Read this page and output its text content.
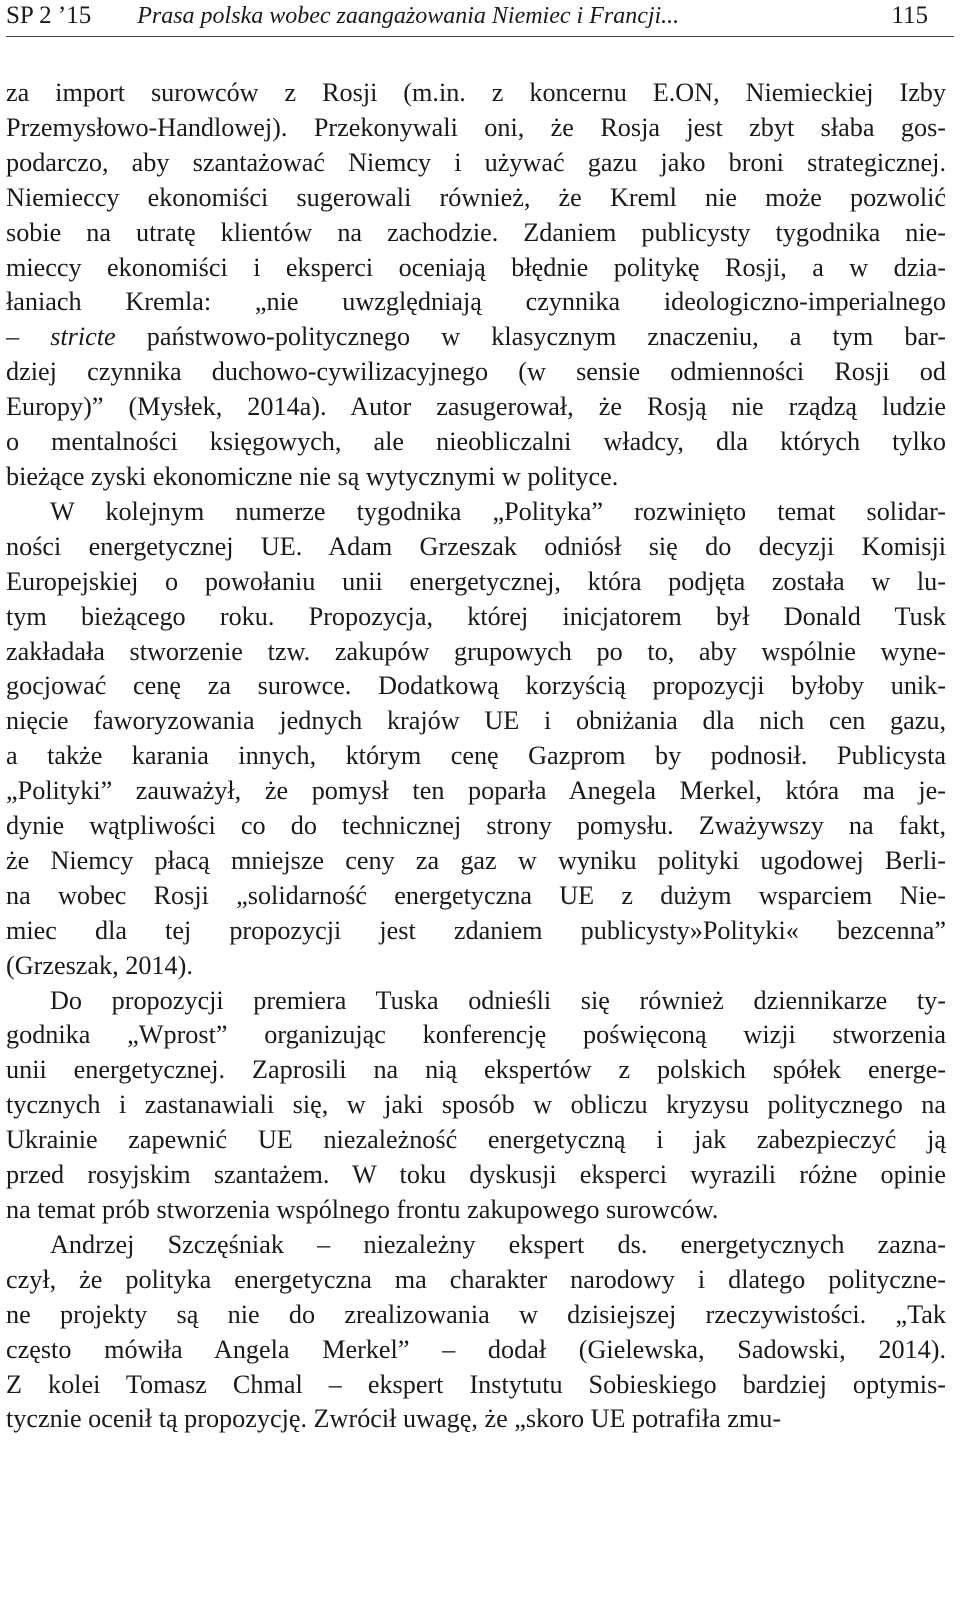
SP 2 ’15	Prasa polska wobec zaangażowania Niemiec i Francji...	115

za import surowców z Rosji (m.in. z koncernu E.ON, Niemieckiej Izby
Przemysłowo-Handlowej). Przekonywali oni, że Rosja jest zbyt słaba gos-
podarczo, aby szantażować Niemcy i używać gazu jako broni strategicznej.
Niemieccy ekonomiści sugerowali również, że Kreml nie może pozwolić
sobie na utratę klientów na zachodzie. Zdaniem publicysty tygodnika nie-
mieccy ekonomiści i eksperci oceniają błędnie politykę Rosji, a w dzia-
łaniach Kremla: „nie uwzględniają czynnika ideologiczno-imperialnego
– stricte państwowo-politycznego w klasycznym znaczeniu, a tym bar-
dziej czynnika duchowo-cywilizacyjnego (w sensie odmienności Rosji od
Europy)” (Mysłek, 2014a). Autor zasugerował, że Rosją nie rządzą ludzie
o mentalności księgowych, ale nieobliczalni władcy, dla których tylko
bieżące zyski ekonomiczne nie są wytycznymi w polityce.

W kolejnym numerze tygodnika „Polityka” rozwinięto temat solidar-
ności energetycznej UE. Adam Grzeszak odniósł się do decyzji Komisji
Europejskiej o powołaniu unii energetycznej, która podjęta została w lu-
tym bieżącego roku. Propozycja, której inicjatorem był Donald Tusk
zakładała stworzenie tzw. zakupów grupowych po to, aby wspólnie wyne-
gocjować cenę za surowce. Dodatkową korzyścią propozycji byłoby unik-
nięcie faworyzowania jednych krajów UE i obniżania dla nich cen gazu,
a także karania innych, którym cenę Gazprom by podnosił. Publicysta
„Polityki” zauważył, że pomysł ten poparła Anegela Merkel, która ma je-
dynie wątpliwości co do technicznej strony pomysłu. Zważywszy na fakt,
że Niemcy płacą mniejsze ceny za gaz w wyniku polityki ugodowej Berli-
na wobec Rosji „solidarność energetyczna UE z dużym wsparciem Nie-
miec dla tej propozycji jest zdaniem publicysty»Polityki« bezcenna”
(Grzeszak, 2014).

Do propozycji premiera Tuska odnieśli się również dziennikarze ty-
godnika „Wprost” organizując konferencję poświęconą wizji stworzenia
unii energetycznej. Zaprosili na nią ekspertów z polskich spółek energe-
tycznych i zastanawiali się, w jaki sposób w obliczu kryzysu politycznego na
Ukrainie zapewnić UE niezależność energetyczną i jak zabezpieczyć ją
przed rosyjskim szantażem. W toku dyskusji eksperci wyrazili różne opinie
na temat prób stworzenia wspólnego frontu zakupowego surowców.

Andrzej Szczęśniak – niezależny ekspert ds. energetycznych zazna-
czył, że polityka energetyczna ma charakter narodowy i dlatego polityczne-
ne projekty są nie do zrealizowania w dzisiejszej rzeczywistości. „Tak
często mówiła Angela Merkel” – dodał (Gielewska, Sadowski, 2014).
Z kolei Tomasz Chmal – ekspert Instytutu Sobieskiego bardziej optymis-
tycznie ocenił tą propozycję. Zwrócił uwagę, że „skoro UE potrafiła zmu-
